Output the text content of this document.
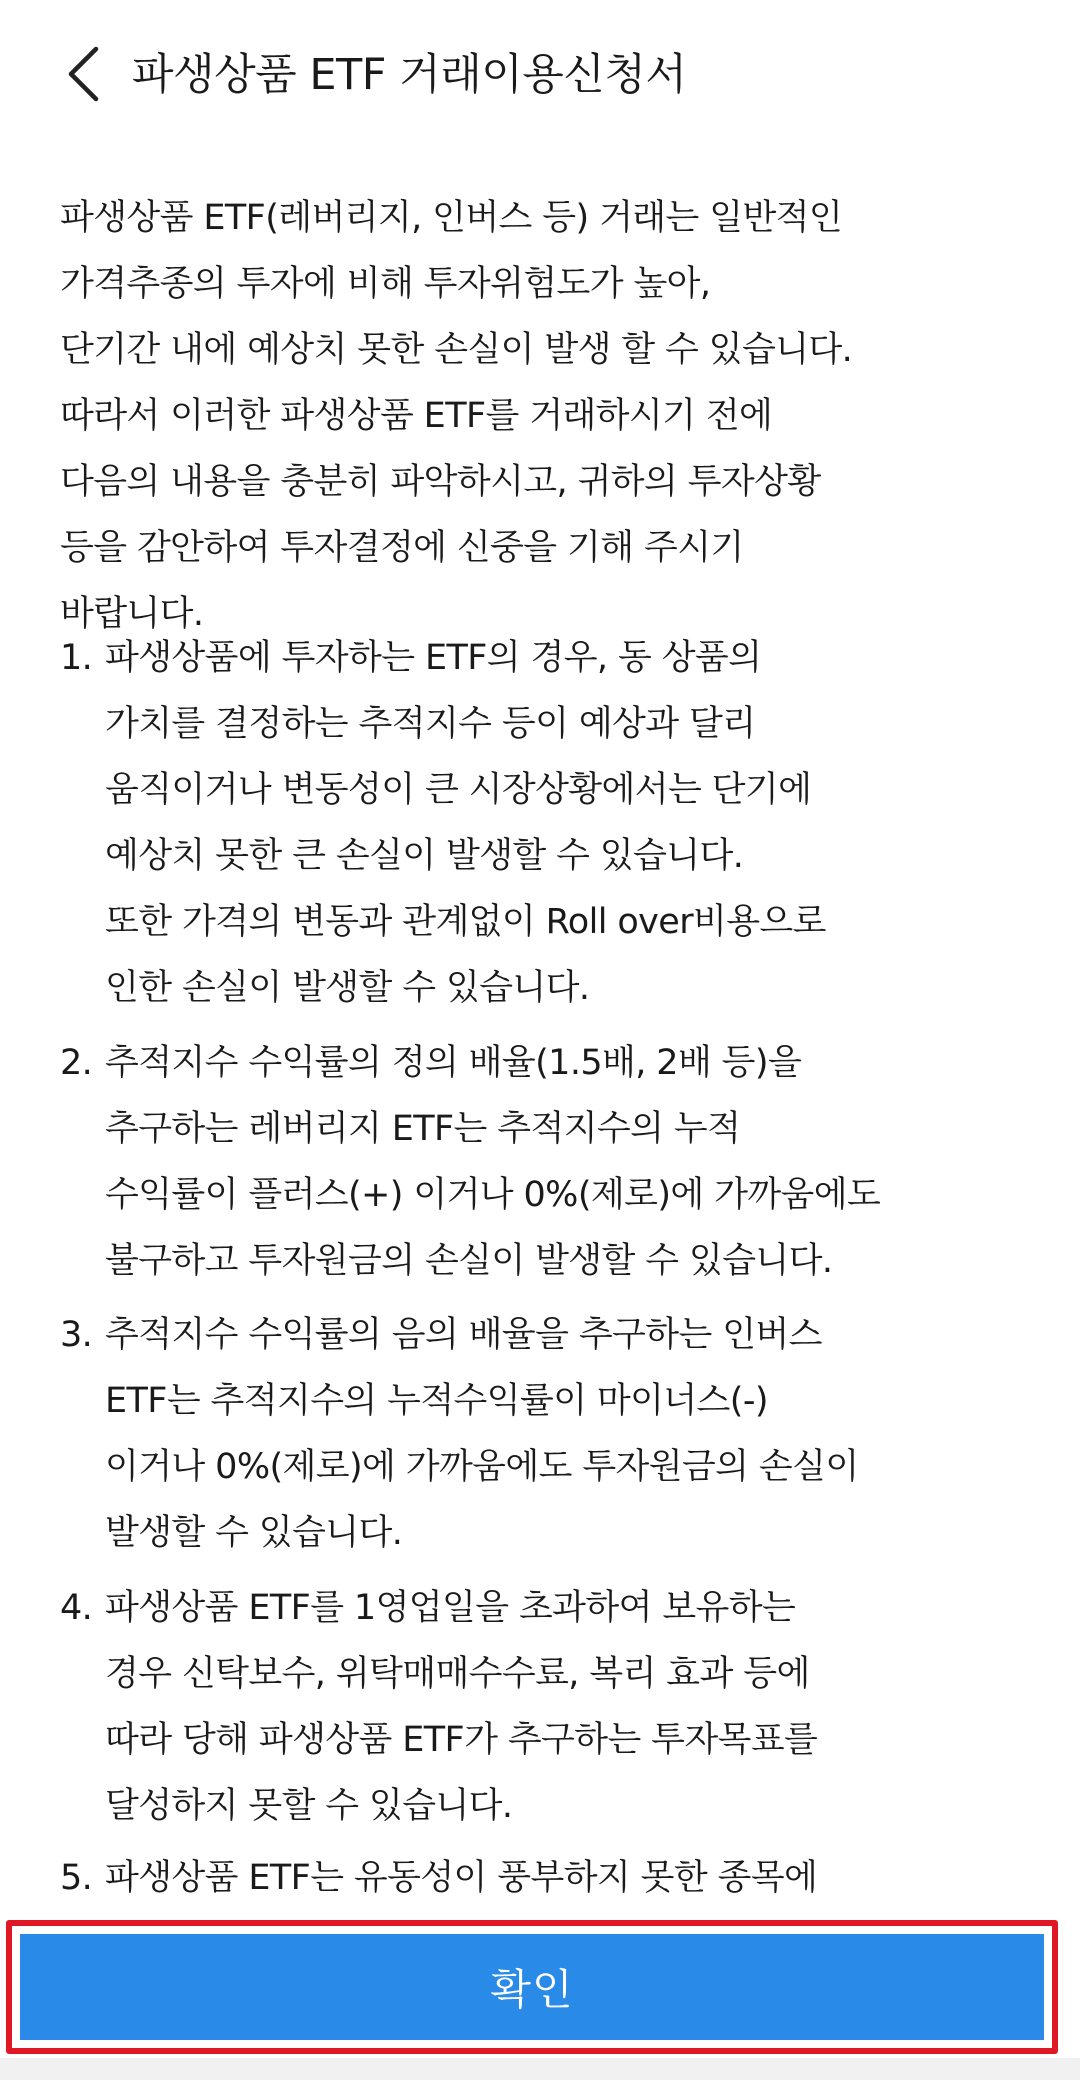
파생상품 ETF 거래이용신청서
파생상품 ETF(레버리지, 인버스 등) 거래는 일반적인
가격추종의 투자에 비해 투자위험도가 높아,
단기간 내에 예상치 못한 손실이 발생 할 수 있습니다.
따라서 이러한 파생상품 ETF를 거래하시기 전에
다음의 내용을 충분히 파악하시고, 귀하의 투자상황
등을 감안하여 투자결정에 신중을 기해 주시기
바랍니다.
1. 파생상품에 투자하는 ETF의 경우, 동 상품의
가치를 결정하는 추적지수 등이 예상과 달리
움직이거나 변동성이 큰 시장상황에서는 단기에
예상치 못한 큰 손실이 발생할 수 있습니다.
또한 가격의 변동과 관계없이 Roll over비용으로
인한 손실이 발생할 수 있습니다.
2. 추적지수 수익률의 정의 배율(1.5배, 2배 등)을
추구하는 레버리지 ETF는 추적지수의 누적
수익률이 플러스(+) 이거나 0%(제로)에 가까움에도
불구하고 투자원금의 손실이 발생할 수 있습니다.
3. 추적지수 수익률의 음의 배율을 추구하는 인버스
ETF는 추적지수의 누적수익률이 마이너스(-)
이거나 0%(제로)에 가까움에도 투자원금의 손실이
발생할 수 있습니다.
4. 파생상품 ETF를 1영업일을 초과하여 보유하는
경우 신탁보수, 위탁매매수수료, 복리 효과 등에
따라 당해 파생상품 ETF가 추구하는 투자목표를
달성하지 못할 수 있습니다.
5. 파생상품 ETF는 유동성이 풍부하지 못한 종목에
확인
